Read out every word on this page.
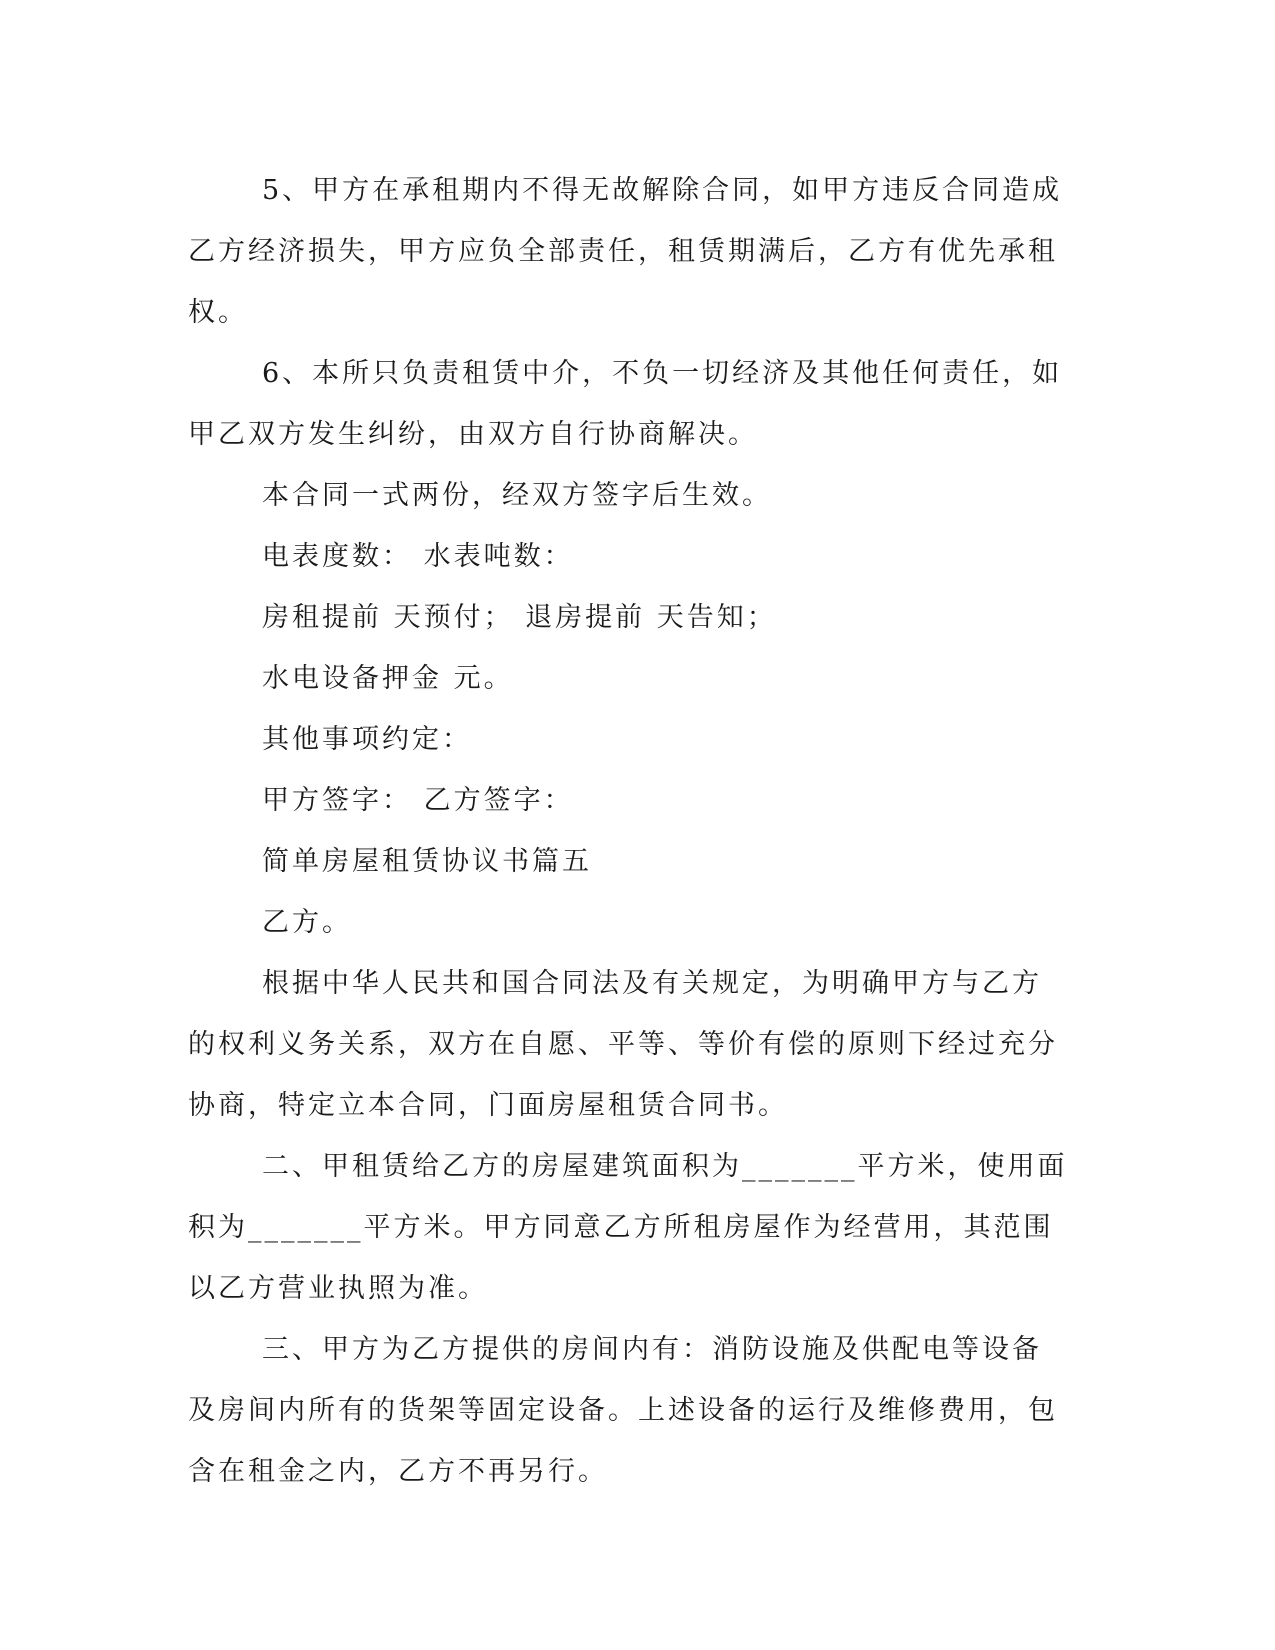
5、甲方在承租期内不得无故解除合同，如甲方违反合同造成乙方经济损失，甲方应负全部责任，租赁期满后，乙方有优先承租权。

6、本所只负责租赁中介，不负一切经济及其他任何责任，如甲乙双方发生纠纷，由双方自行协商解决。

本合同一式两份，经双方签字后生效。

电表度数： 水表吨数：

房租提前 天预付； 退房提前 天告知；

水电设备押金 元。

其他事项约定：

甲方签字： 乙方签字：

简单房屋租赁协议书篇五

乙方。

根据中华人民共和国合同法及有关规定，为明确甲方与乙方的权利义务关系，双方在自愿、平等、等价有偿的原则下经过充分协商，特定立本合同，门面房屋租赁合同书。

二、甲租赁给乙方的房屋建筑面积为_______平方米，使用面积为_______平方米。甲方同意乙方所租房屋作为经营用，其范围以乙方营业执照为准。

三、甲方为乙方提供的房间内有：消防设施及供配电等设备及房间内所有的货架等固定设备。上述设备的运行及维修费用，包含在租金之内，乙方不再另行。
